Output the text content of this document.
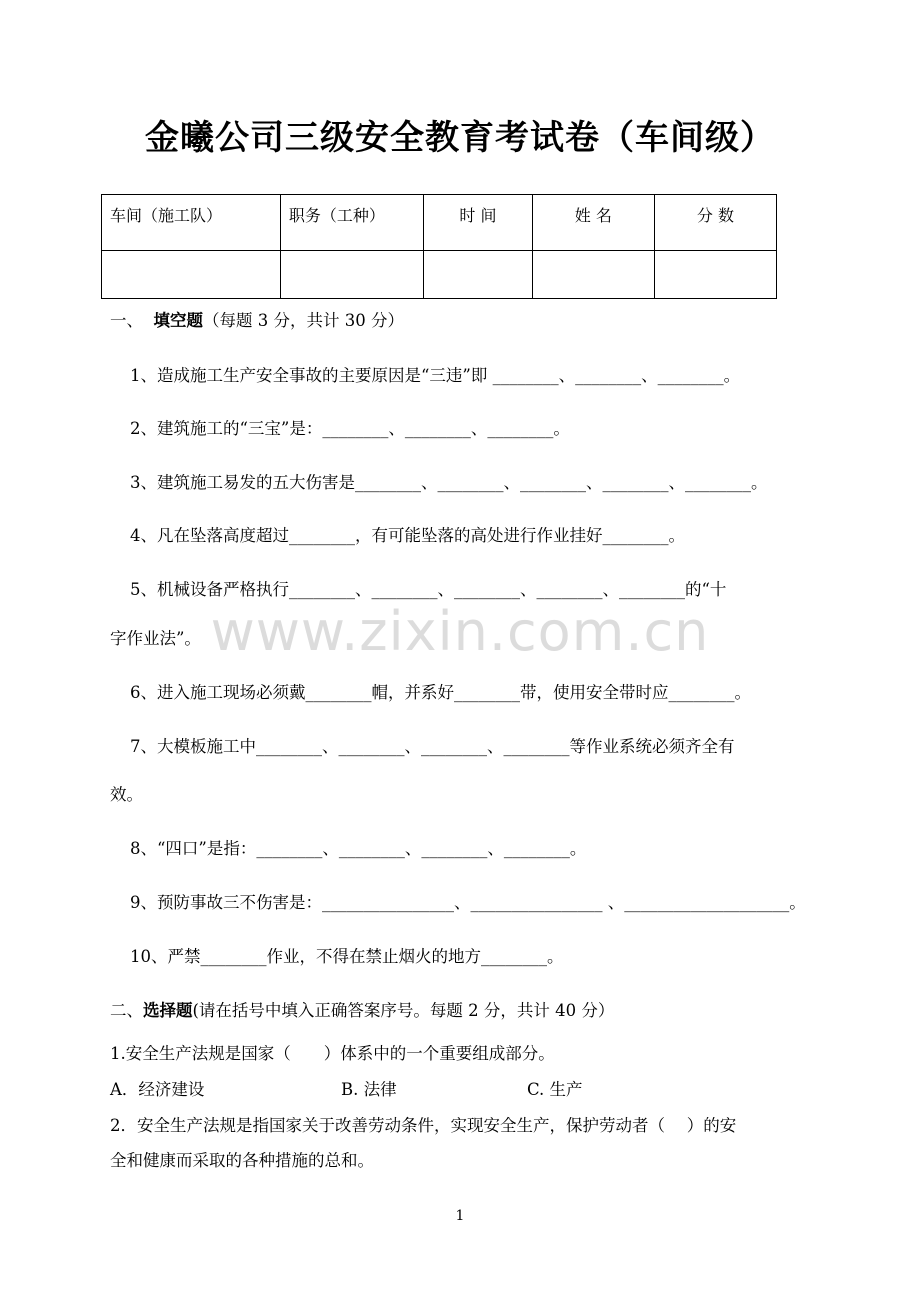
www.zixin.com.cn
金曦公司三级安全教育考试卷（车间级）
车间（施工队）	职务（工种）	时 间	姓 名	分 数

一、 填空题（每题 3 分，共计 30 分）
1、造成施工生产安全事故的主要原因是“三违”即 ________、________、________。
2、建筑施工的“三宝”是：________、________、________。
3、建筑施工易发的五大伤害是________、________、________、________、________。
4、凡在坠落高度超过________，有可能坠落的高处进行作业挂好________。
5、机械设备严格执行________、________、________、________、________的“十
字作业法”。
6、进入施工现场必须戴________帽，并系好________带，使用安全带时应________。
7、大模板施工中________、________、________、________等作业系统必须齐全有
效。
8、“四口”是指：________、________、________、________。
9、预防事故三不伤害是：________________、________________ 、____________________。
10、严禁________作业，不得在禁止烟火的地方________。
二、选择题(请在括号中填入正确答案序号。每题 2 分，共计 40 分）
1.安全生产法规是国家（　　）体系中的一个重要组成部分。
A．经济建设	B. 法律	C. 生产
2．安全生产法规是指国家关于改善劳动条件，实现安全生产，保护劳动者（　 ）的安
全和健康而采取的各种措施的总和。
1
